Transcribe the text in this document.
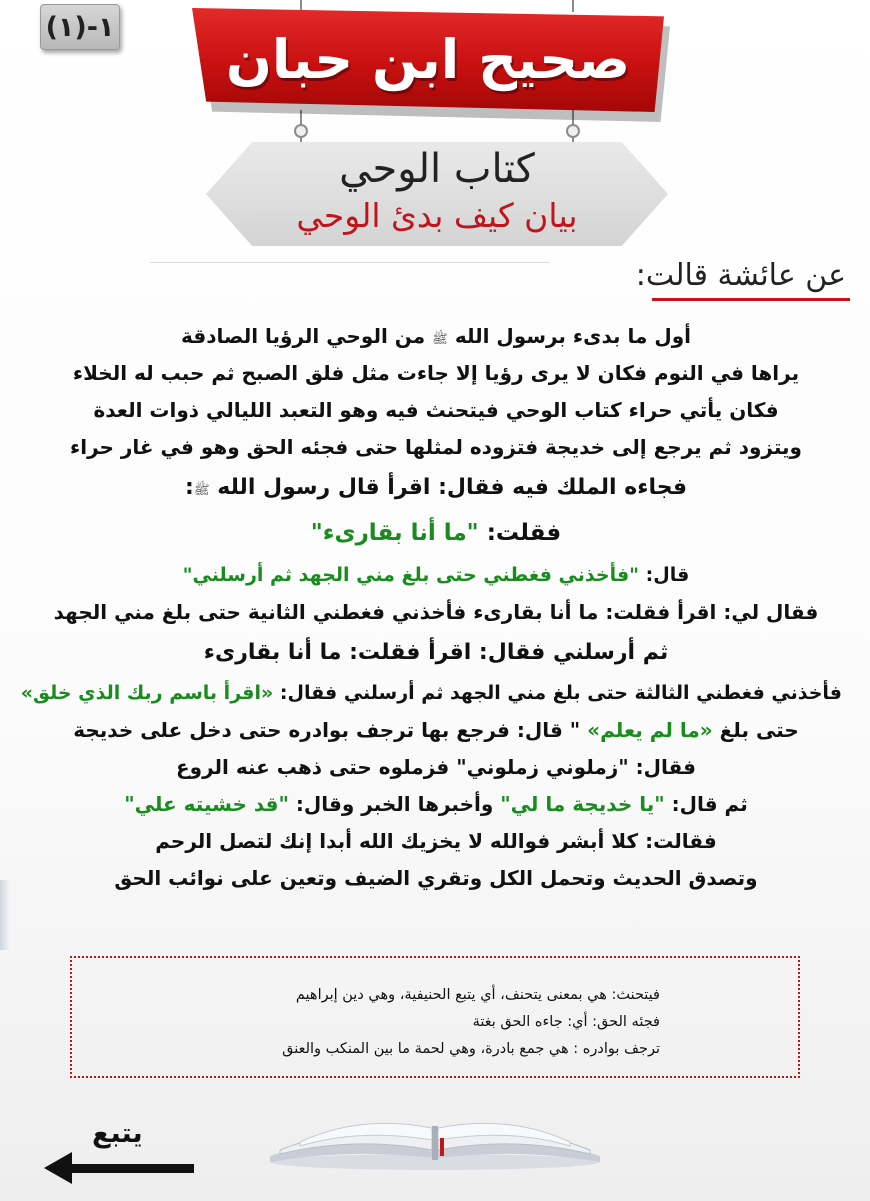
(١)-١
صحيح ابن حبان
كتاب الوحي
بيان كيف بدئ الوحي
عن عائشة قالت:
أول ما بدىء برسول الله ﷺ من الوحي الرؤيا الصادقة
يراها في النوم فكان لا يرى رؤيا إلا جاءت مثل فلق الصبح ثم حبب له الخلاء
فكان يأتي حراء كتاب الوحي فيتحنث فيه وهو التعبد الليالي ذوات العدة
ويتزود ثم يرجع إلى خديجة فتزوده لمثلها حتى فجئه الحق وهو في غار حراء
فجاءه الملك فيه فقال: اقرأ قال رسول الله ﷺ:
فقلت: "ما أنا بقارىء"
قال: "فأخذني فغطني حتى بلغ مني الجهد ثم أرسلني"
فقال لي: اقرأ فقلت: ما أنا بقارىء فأخذني فغطني الثانية حتى بلغ مني الجهد
ثم أرسلني فقال: اقرأ فقلت: ما أنا بقارىء
فأخذني فغطني الثالثة حتى بلغ مني الجهد ثم أرسلني فقال: «اقرأ باسم ربك الذي خلق»
حتى بلغ «ما لم يعلم» " قال: فرجع بها ترجف بوادره حتى دخل على خديجة
فقال: "زملوني زملوني" فزملوه حتى ذهب عنه الروع
ثم قال: "يا خديجة ما لي" وأخبرها الخبر وقال: "قد خشيته علي"
فقالت: كلا أبشر فوالله لا يخزيك الله أبدا إنك لتصل الرحم
وتصدق الحديث وتحمل الكل وتقري الضيف وتعين على نوائب الحق
فيتحنث: هي بمعنى يتحنف، أي يتبع الحنيفية، وهي دين إبراهيم
فجئه الحق: أي: جاءه الحق بغتة
ترجف بوادره : هي جمع بادرة، وهي لحمة ما بين المنكب والعنق
يتبع
